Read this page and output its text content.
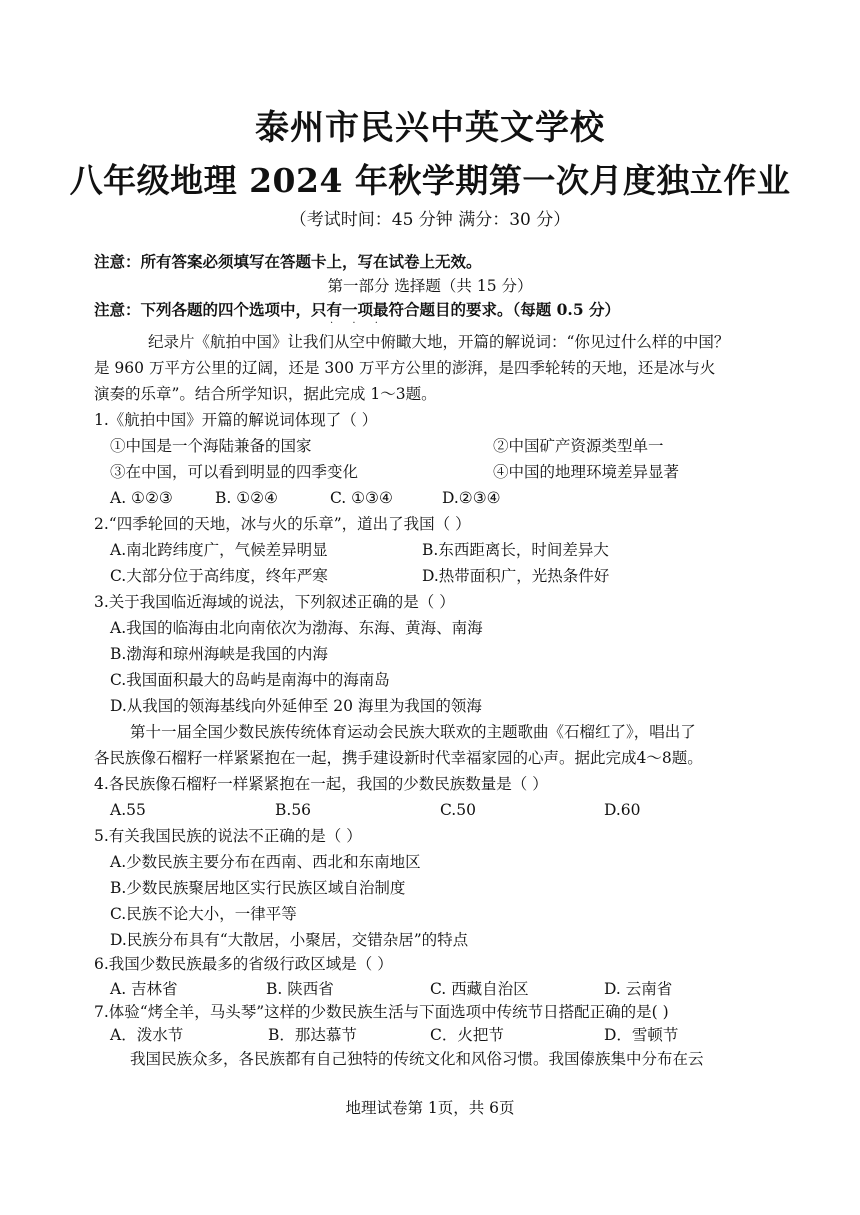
泰州市民兴中英文学校
八年级地理 2024 年秋学期第一次月度独立作业
（考试时间：45 分钟 满分：30 分）
注意：所有答案必须填写在答题卡上，写在试卷上无效。
第一部分 选择题（共 15 分）
注意：下列各题的四个选项中，只有一项最符合题目的要求。（每题 0.5 分）
· · ·
纪录片《航拍中国》让我们从空中俯瞰大地，开篇的解说词：“你见过什么样的中国？
是 960 万平方公里的辽阔，还是 300 万平方公里的澎湃，是四季轮转的天地，还是冰与火
演奏的乐章”。结合所学知识，据此完成 1～3题。
1.《航拍中国》开篇的解说词体现了（ ）
①中国是一个海陆兼备的国家	②中国矿产资源类型单一
③在中国，可以看到明显的四季变化	④中国的地理环境差异显著
A. ①②③	B. ①②④	C. ①③④	D.②③④
2.“四季轮回的天地，冰与火的乐章”，道出了我国（ ）
A.南北跨纬度广，气候差异明显	B.东西距离长，时间差异大
C.大部分位于高纬度，终年严寒	D.热带面积广，光热条件好
3.关于我国临近海域的说法，下列叙述正确的是（ ）
A.我国的临海由北向南依次为渤海、东海、黄海、南海
B.渤海和琼州海峡是我国的内海
C.我国面积最大的岛屿是南海中的海南岛
D.从我国的领海基线向外延伸至 20 海里为我国的领海
第十一届全国少数民族传统体育运动会民族大联欢的主题歌曲《石榴红了》，唱出了
各民族像石榴籽一样紧紧抱在一起，携手建设新时代幸福家园的心声。据此完成4～8题。
4.各民族像石榴籽一样紧紧抱在一起，我国的少数民族数量是（ ）
A.55	B.56	C.50	D.60
5.有关我国民族的说法不正确的是（ ）
A.少数民族主要分布在西南、西北和东南地区
B.少数民族聚居地区实行民族区域自治制度
C.民族不论大小，一律平等
D.民族分布具有“大散居，小聚居，交错杂居”的特点
6.我国少数民族最多的省级行政区域是（ ）
A. 吉林省	B. 陕西省	C. 西藏自治区	D. 云南省
7.体验“烤全羊，马头琴”这样的少数民族生活与下面选项中传统节日搭配正确的是( )
A．泼水节	B．那达慕节	C．火把节	D．雪顿节
我国民族众多，各民族都有自己独特的传统文化和风俗习惯。我国傣族集中分布在云
地理试卷第 1页，共 6页
